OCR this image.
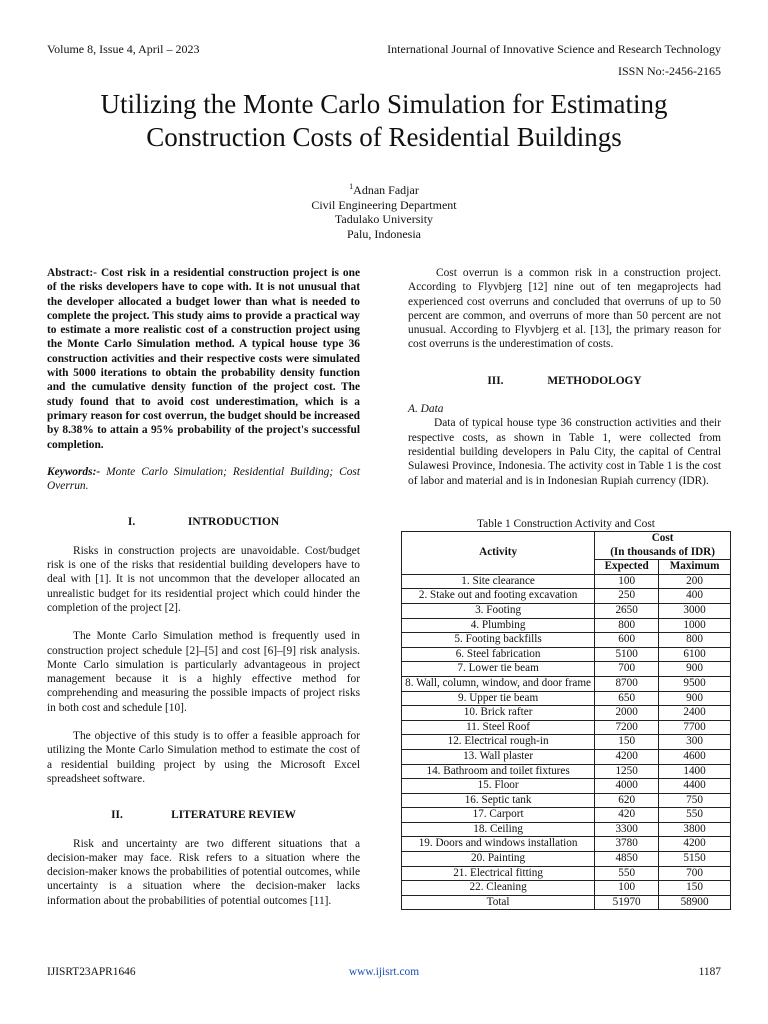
Volume 8, Issue 4, April – 2023	International Journal of Innovative Science and Research Technology
ISSN No:-2456-2165
Utilizing the Monte Carlo Simulation for Estimating
Construction Costs of Residential Buildings
$^1$Adnan Fadjar
Civil Engineering Department
Tadulako University
Palu, Indonesia

Abstract:- Cost risk in a residential construction project is one of the risks developers have to cope with. It is not unusual that the developer allocated a budget lower than what is needed to complete the project. This study aims to provide a practical way to estimate a more realistic cost of a construction project using the Monte Carlo Simulation method. A typical house type 36 construction activities and their respective costs were simulated with 5000 iterations to obtain the probability density function and the cumulative density function of the project cost. The study found that to avoid cost underestimation, which is a primary reason for cost overrun, the budget should be increased by 8.38% to attain a 95% probability of the project's successful completion.

Keywords:- Monte Carlo Simulation; Residential Building; Cost Overrun.

I.	INTRODUCTION

Risks in construction projects are unavoidable. Cost/budget risk is one of the risks that residential building developers have to deal with [1]. It is not uncommon that the developer allocated an unrealistic budget for its residential project which could hinder the completion of the project [2].

The Monte Carlo Simulation method is frequently used in construction project schedule [2]–[5] and cost [6]–[9] risk analysis. Monte Carlo simulation is particularly advantageous in project management because it is a highly effective method for comprehending and measuring the possible impacts of project risks in both cost and schedule [10].

The objective of this study is to offer a feasible approach for utilizing the Monte Carlo Simulation method to estimate the cost of a residential building project by using the Microsoft Excel spreadsheet software.

II.	LITERATURE REVIEW

Risk and uncertainty are two different situations that a decision-maker may face. Risk refers to a situation where the decision-maker knows the probabilities of potential outcomes, while uncertainty is a situation where the decision-maker lacks information about the probabilities of potential outcomes [11].

Cost overrun is a common risk in a construction project. According to Flyvbjerg [12] nine out of ten megaprojects had experienced cost overruns and concluded that overruns of up to 50 percent are common, and overruns of more than 50 percent are not unusual. According to Flyvbjerg et al. [13], the primary reason for cost overruns is the underestimation of costs.

III.	METHODOLOGY

A. Data

Data of typical house type 36 construction activities and their respective costs, as shown in Table 1, were collected from residential building developers in Palu City, the capital of Central Sulawesi Province, Indonesia. The activity cost in Table 1 is the cost of labor and material and is in Indonesian Rupiah currency (IDR).

Table 1 Construction Activity and Cost
Activity	Cost
(In thousands of IDR)	

	Expected	Maximum
1. Site clearance	100	200
2. Stake out and footing excavation	250	400
3. Footing	2650	3000
4. Plumbing	800	1000
5. Footing backfills	600	800
6. Steel fabrication	5100	6100
7. Lower tie beam	700	900
8. Wall, column, window, and door frame	8700	9500
9. Upper tie beam	650	900
10. Brick rafter	2000	2400
11. Steel Roof	7200	7700
12. Electrical rough-in	150	300
13. Wall plaster	4200	4600
14. Bathroom and toilet fixtures	1250	1400
15. Floor	4000	4400
16. Septic tank	620	750
17. Carport	420	550
18. Ceiling	3300	3800
19. Doors and windows installation	3780	4200
20. Painting	4850	5150
21. Electrical fitting	550	700
22. Cleaning	100	150
Total	51970	58900
IJISRT23APR1646	www.ijisrt.com	1187
